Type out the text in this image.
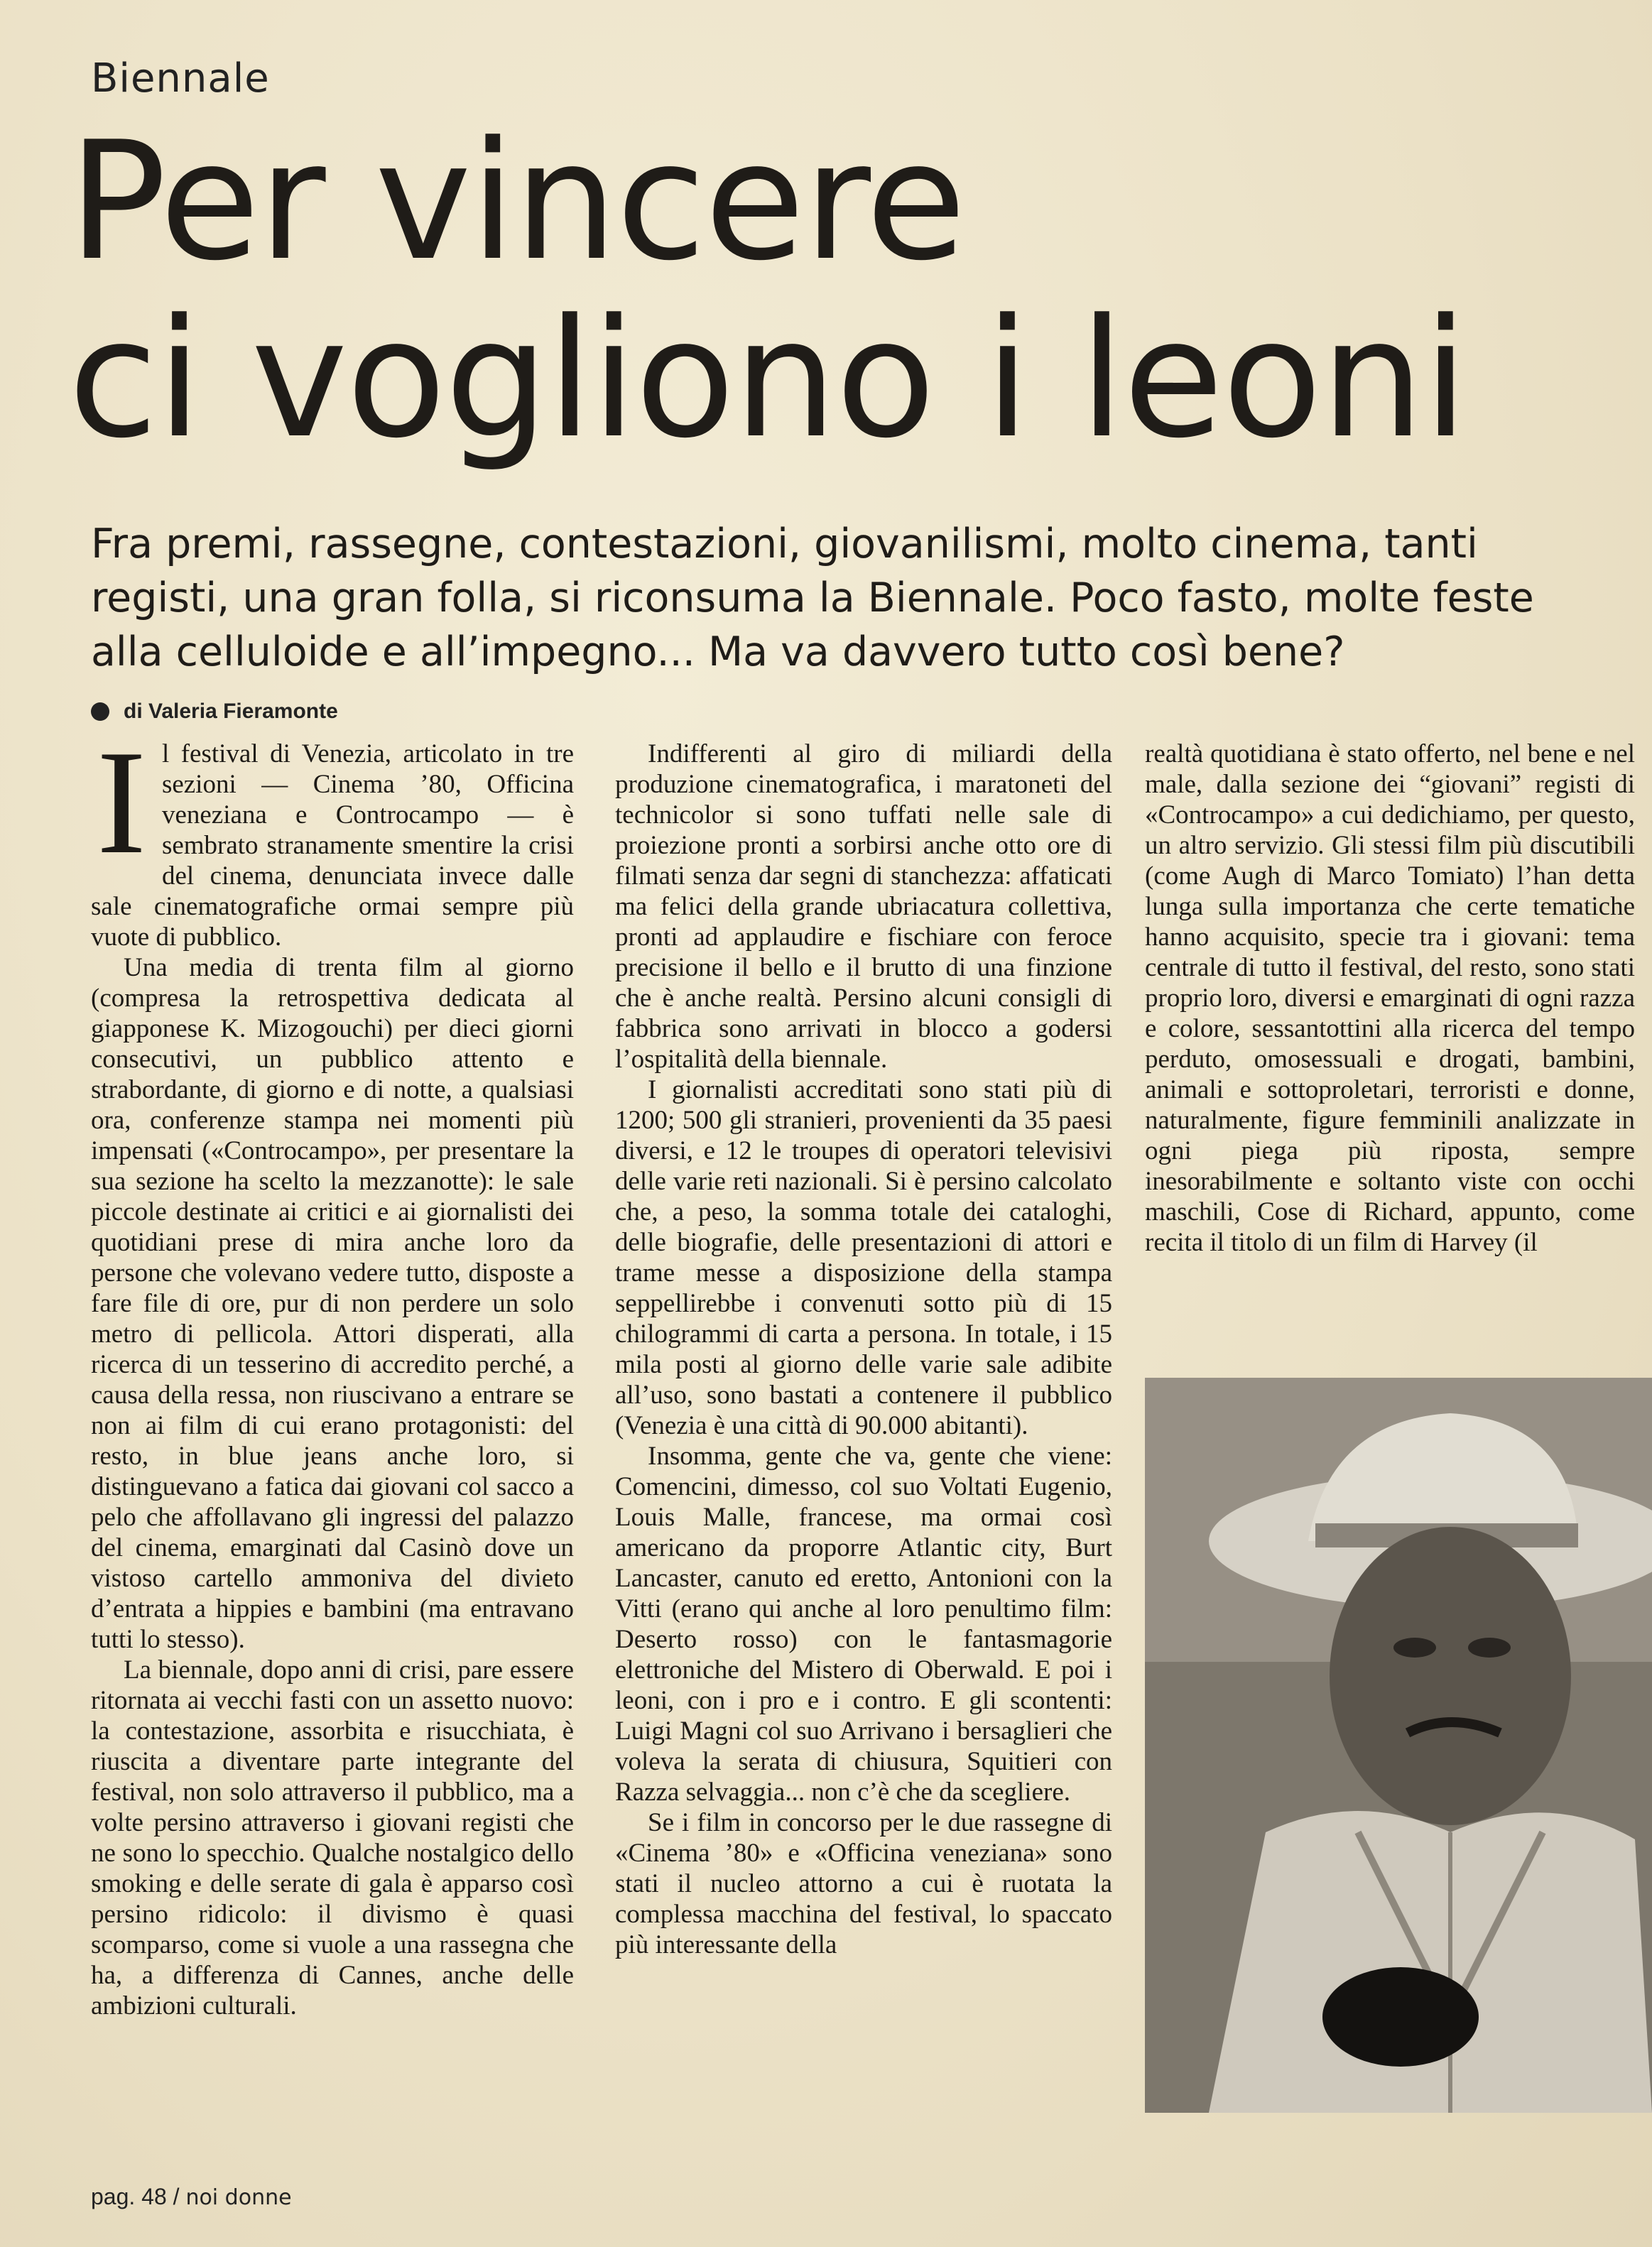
Biennale
Per vincere
ci vogliono i leoni
Fra premi, rassegne, contestazioni, giovanilismi, molto cinema, tanti
registi, una gran folla, si riconsuma la Biennale. Poco fasto, molte feste
alla celluloide e all’impegno... Ma va davvero tutto così bene?
di Valeria Fieramonte
I l festival di Venezia, articolato in tre sezioni — Cinema ’80, Officina veneziana e Controcampo — è sembrato stranamente smentire la crisi del cinema, denunciata invece dalle sale cinematografiche ormai sempre più vuote di pubblico.

Una media di trenta film al giorno (compresa la retrospettiva dedicata al giapponese K. Mizogouchi) per dieci giorni consecutivi, un pubblico attento e strabordante, di giorno e di notte, a qualsiasi ora, conferenze stampa nei momenti più impensati («Controcampo», per presentare la sua sezione ha scelto la mezzanotte): le sale piccole destinate ai critici e ai giornalisti dei quotidiani prese di mira anche loro da persone che volevano vedere tutto, disposte a fare file di ore, pur di non perdere un solo metro di pellicola. Attori disperati, alla ricerca di un tesserino di accredito perché, a causa della ressa, non riuscivano a entrare se non ai film di cui erano protagonisti: del resto, in blue jeans anche loro, si distinguevano a fatica dai giovani col sacco a pelo che affollavano gli ingressi del palazzo del cinema, emarginati dal Casinò dove un vistoso cartello ammoniva del divieto d’entrata a hippies e bambini (ma entravano tutti lo stesso).

La biennale, dopo anni di crisi, pare essere ritornata ai vecchi fasti con un assetto nuovo: la contestazione, assorbita e risucchiata, è riuscita a diventare parte integrante del festival, non solo attraverso il pubblico, ma a volte persino attraverso i giovani registi che ne sono lo specchio. Qualche nostalgico dello smoking e delle serate di gala è apparso così persino ridicolo: il divismo è quasi scomparso, come si vuole a una rassegna che ha, a differenza di Cannes, anche delle ambizioni culturali.

Indifferenti al giro di miliardi della produzione cinematografica, i maratoneti del technicolor si sono tuffati nelle sale di proiezione pronti a sorbirsi anche otto ore di filmati senza dar segni di stanchezza: affaticati ma felici della grande ubriacatura collettiva, pronti ad applaudire e fischiare con feroce precisione il bello e il brutto di una finzione che è anche realtà. Persino alcuni consigli di fabbrica sono arrivati in blocco a godersi l’ospitalità della biennale.

I giornalisti accreditati sono stati più di 1200; 500 gli stranieri, provenienti da 35 paesi diversi, e 12 le troupes di operatori televisivi delle varie reti nazionali. Si è persino calcolato che, a peso, la somma totale dei cataloghi, delle biografie, delle presentazioni di attori e trame messe a disposizione della stampa seppellirebbe i convenuti sotto più di 15 chilogrammi di carta a persona. In totale, i 15 mila posti al giorno delle varie sale adibite all’uso, sono bastati a contenere il pubblico (Venezia è una città di 90.000 abitanti).

Insomma, gente che va, gente che viene: Comencini, dimesso, col suo Voltati Eugenio, Louis Malle, francese, ma ormai così americano da proporre Atlantic city, Burt Lancaster, canuto ed eretto, Antonioni con la Vitti (erano qui anche al loro penultimo film: Deserto rosso) con le fantasmagorie elettroniche del Mistero di Oberwald. E poi i leoni, con i pro e i contro. E gli scontenti: Luigi Magni col suo Arrivano i bersaglieri che voleva la serata di chiusura, Squitieri con Razza selvaggia... non c’è che da scegliere.

Se i film in concorso per le due rassegne di «Cinema ’80» e «Officina veneziana» sono stati il nucleo attorno a cui è ruotata la complessa macchina del festival, lo spaccato più interessante della

realtà quotidiana è stato offerto, nel bene e nel male, dalla sezione dei “giovani” registi di «Controcampo» a cui dedichiamo, per questo, un altro servizio. Gli stessi film più discutibili (come Augh di Marco Tomiato) l’han detta lunga sulla importanza che certe tematiche hanno acquisito, specie tra i giovani: tema centrale di tutto il festival, del resto, sono stati proprio loro, diversi e emarginati di ogni razza e colore, sessantottini alla ricerca del tempo perduto, omosessuali e drogati, bambini, animali e sottoproletari, terroristi e donne, naturalmente, figure femminili analizzate in ogni piega più riposta, sempre inesorabilmente e soltanto viste con occhi maschili, Cose di Richard, appunto, come recita il titolo di un film di Harvey (il

pag. 48 / noi donne
